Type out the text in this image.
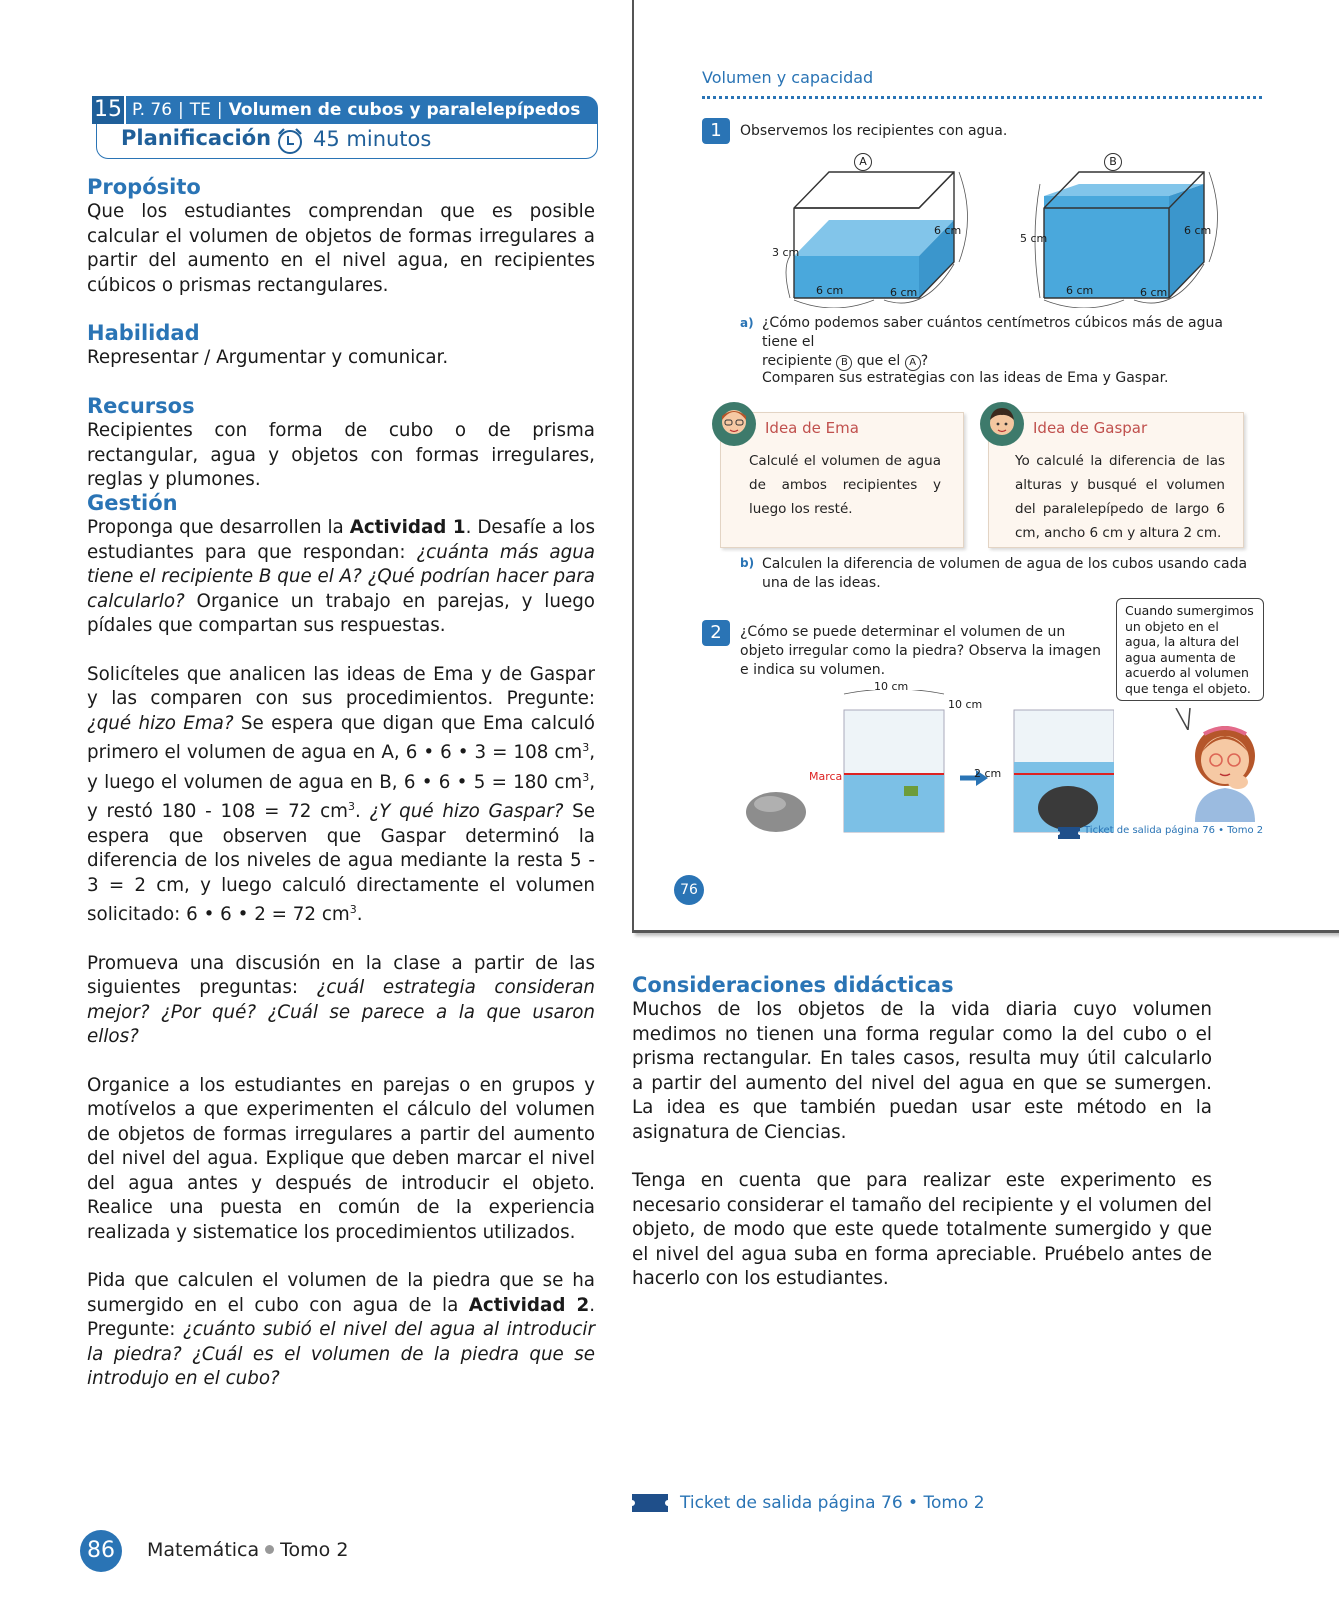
15 P. 76 | TE | Volumen de cubos y paralelepípedos
Planificación 45 minutos
Propósito

Que los estudiantes comprendan que es posible calcular el volumen de objetos de formas irregulares a partir del aumento en el nivel agua, en recipientes cúbicos o prismas rectangulares.

Habilidad

Representar / Argumentar y comunicar.

Recursos

Recipientes con forma de cubo o de prisma rectangular, agua y objetos con formas irregulares, reglas y plumones.

Gestión

Proponga que desarrollen la Actividad 1. Desafíe a los estudiantes para que respondan: ¿cuánta más agua tiene el recipiente B que el A? ¿Qué podrían hacer para calcularlo? Organice un trabajo en parejas, y luego pídales que compartan sus respuestas.

Solicíteles que analicen las ideas de Ema y de Gaspar y las comparen con sus procedimientos. Pregunte: ¿qué hizo Ema? Se espera que digan que Ema calculó primero el volumen de agua en A, 6 • 6 • 3 = 108 $cm^3$, y luego el volumen de agua en B, 6 • 6 • 5 = 180 $cm^3$, y restó 180 - 108 = 72 $cm^3$. ¿Y qué hizo Gaspar? Se espera que observen que Gaspar determinó la diferencia de los niveles de agua mediante la resta 5 - 3 = 2 cm, y luego calculó directamente el volumen solicitado: 6 • 6 • 2 = 72 $cm^3$.

Promueva una discusión en la clase a partir de las siguientes preguntas: ¿cuál estrategia consideran mejor? ¿Por qué? ¿Cuál se parece a la que usaron ellos?

Organice a los estudiantes en parejas o en grupos y motívelos a que experimenten el cálculo del volumen de objetos de formas irregulares a partir del aumento del nivel del agua. Explique que deben marcar el nivel del agua antes y después de introducir el objeto. Realice una puesta en común de la experiencia realizada y sistematice los procedimientos utilizados.

Pida que calculen el volumen de la piedra que se ha sumergido en el cubo con agua de la Actividad 2. Pregunte: ¿cuánto subió el nivel del agua al introducir la piedra? ¿Cuál es el volumen de la piedra que se introdujo en el cubo?

Volumen y capacidad
1	Observemos los recipientes con agua.
A	B
6 cm
3 cm
6 cm	6 cm
6 cm
5 cm
6 cm	6 cm
a) ¿Cómo podemos saber cuántos centímetros cúbicos más de agua tiene el
recipiente B que el A ?
Comparen sus estrategias con las ideas de Ema y Gaspar.
Idea de Ema
Calculé el volumen de agua de ambos recipientes y luego los resté.
Idea de Gaspar
Yo calculé la diferencia de las alturas y busqué el volumen del paralelepípedo de largo 6 cm, ancho 6 cm y altura 2 cm.
b) Calculen la diferencia de volumen de agua de los cubos usando cada una de las ideas.
2	¿Cómo se puede determinar el volumen de un objeto irregular como la piedra? Observa la imagen e indica su volumen.
Cuando sumergimos un objeto en el agua, la altura del agua aumenta de acuerdo al volumen que tenga el objeto.
10 cm
10 cm
Marca	2 cm
Ticket de salida página 76 • Tomo 2
76
Consideraciones didácticas

Muchos de los objetos de la vida diaria cuyo volumen medimos no tienen una forma regular como la del cubo o el prisma rectangular. En tales casos, resulta muy útil calcularlo a partir del aumento del nivel del agua en que se sumergen. La idea es que también puedan usar este método en la asignatura de Ciencias.

Tenga en cuenta que para realizar este experimento es necesario considerar el tamaño del recipiente y el volumen del objeto, de modo que este quede totalmente sumergido y que el nivel del agua suba en forma apreciable. Pruébelo antes de hacerlo con los estudiantes.

Ticket de salida página 76 • Tomo 2
86	Matemática Tomo 2
